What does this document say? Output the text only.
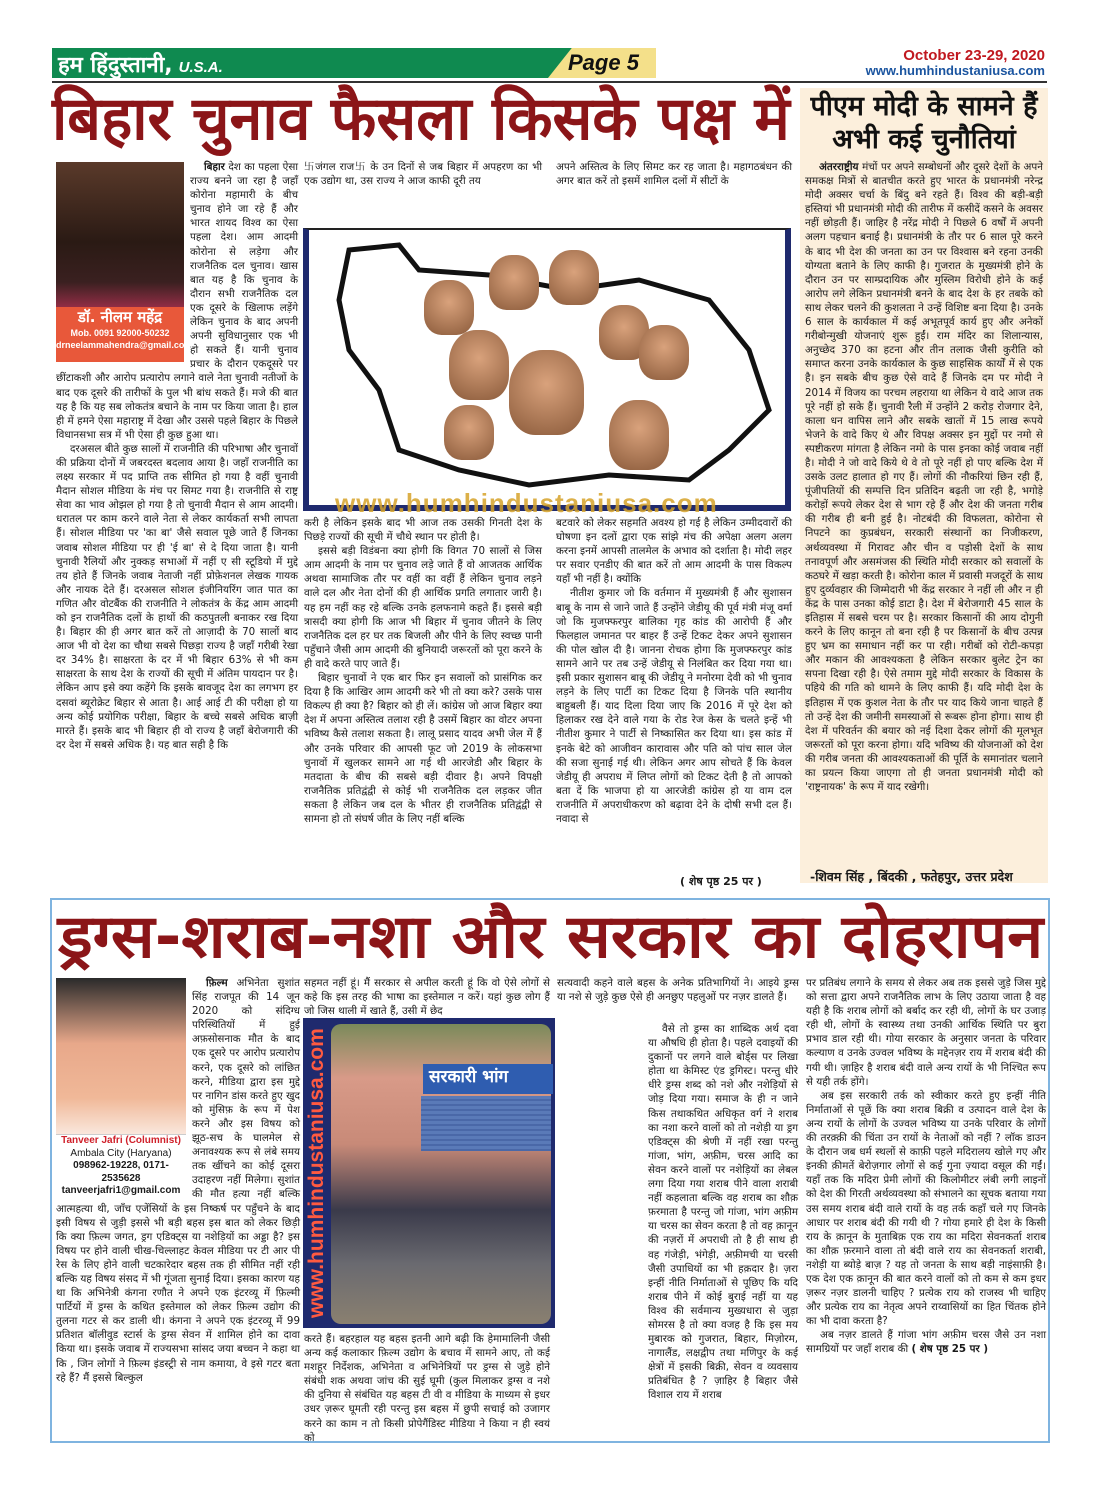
हम हिंदुस्तानी, U.S.A.	Page 5	October 23-29, 2020
www.humhindustaniusa.com
बिहार चुनाव फैसला किसके पक्ष में
डॉ. नीलम महेंद्र
Mob. 0091 92000-50232
drneelammahendra@gmail.com

बिहार देश का पहला ऐसा राज्य बनने जा रहा है जहाँ कोरोना महामारी के बीच चुनाव होने जा रहे हैं और भारत शायद विश्व का ऐसा पहला देश। आम आदमी कोरोना से लड़ेगा और राजनैतिक दल चुनाव। खास बात यह है कि चुनाव के दौरान सभी राजनैतिक दल एक दूसरे के खिलाफ लड़ेंगे लेकिन चुनाव के बाद अपनी अपनी सुविधानुसार एक भी हो सकते हैं। यानी चुनाव प्रचार के दौरान एकदूसरे पर छींटाकशी और आरोप प्रत्यारोप लगाने वाले नेता चुनावी नतीजों के बाद एक दूसरे की तारीफों के पुल भी बांध सकते हैं। मजे की बात यह है कि यह सब लोकतंत्र बचाने के नाम पर किया जाता है। हाल ही में हमने ऐसा महाराष्ट्र में देखा और उससे पहले बिहार के पिछले विधानसभा सत्र में भी ऐसा ही कुछ हुआ था।

दरअसल बीते कुछ सालों में राजनीति की परिभाषा और चुनावों की प्रक्रिया दोनों में जबरदस्त बदलाव आया है। जहाँ राजनीति का लक्ष्य सरकार में पद प्राप्ति तक सीमित हो गया है वहीं चुनावी मैदान सोशल मीडिया के मंच पर सिमट गया है। राजनीति से राष्ट्र सेवा का भाव ओझल हो गया है तो चुनावी मैदान से आम आदमी। धरातल पर काम करने वाले नेता से लेकर कार्यकर्ता सभी लापता हैं। सोशल मीडिया पर 'का बा' जैसे सवाल पूछे जाते हैं जिनका जवाब सोशल मीडिया पर ही 'ई बा' से दे दिया जाता है। यानी चुनावी रैलियों और नुक्कड़ सभाओं में नहीं ए सी स्टूडियो में मुद्दे तय होते हैं जिनके जवाब नेताजी नहीं प्रोफ़ेशनल लेखक गायक और नायक देते हैं। दरअसल सोशल इंजीनियरिंग जात पात का गणित और वोटबैंक की राजनीति ने लोकतंत्र के केंद्र आम आदमी को इन राजनैतिक दलों के हाथों की कठपुतली बनाकर रख दिया है। बिहार की ही अगर बात करें तो आज़ादी के 70 सालों बाद आज भी वो देश का चौथा सबसे पिछड़ा राज्य है जहाँ गरीबी रेखा दर 34% है। साक्षरता के दर में भी बिहार 63% से भी कम साक्षरता के साथ देश के राज्यों की सूची में अंतिम पायदान पर है। लेकिन आप इसे क्या कहेंगे कि इसके बावजूद देश का लगभग हर दसवां ब्यूरोक्रेट बिहार से आता है। आई आई टी की परीक्षा हो या अन्य कोई प्रयोगिक परीक्षा, बिहार के बच्चे सबसे अधिक बाज़ी मारते हैं। इसके बाद भी बिहार ही वो राज्य है जहाँ बेरोजगारी की दर देश में सबसे अधिक है। यह बात सही है कि

卐जंगल राज卐 के उन दिनों से जब बिहार में अपहरण का भी एक उद्योग था, उस राज्य ने आज काफी दूरी तय
अपने अस्तित्व के लिए सिमट कर रह जाता है। महागठबंधन की अगर बात करें तो इसमें शामिल दलों में सीटों के
www.humhindustaniusa.com

करी है लेकिन इसके बाद भी आज तक उसकी गिनती देश के पिछड़े राज्यों की सूची में चौथे स्थान पर होती है।

इससे बड़ी विडंबना क्या होगी कि विगत 70 सालों से जिस आम आदमी के नाम पर चुनाव लड़े जाते हैं वो आजतक आर्थिक अथवा सामाजिक तौर पर वहीं का वहीं हैं लेकिन चुनाव लड़ने वाले दल और नेता दोनों की ही आर्थिक प्रगति लगातार जारी है। यह हम नहीं कह रहे बल्कि उनके हलफनामे कहते हैं। इससे बड़ी त्रासदी क्या होगी कि आज भी बिहार में चुनाव जीतने के लिए राजनैतिक दल हर घर तक बिजली और पीने के लिए स्वच्छ पानी पहुँचाने जैसी आम आदमी की बुनियादी जरूरतों को पूरा करने के ही वादे करते पाए जाते हैं।

बिहार चुनावों ने एक बार फिर इन सवालों को प्रासंगिक कर दिया है कि आखिर आम आदमी करे भी तो क्या करे? उसके पास विकल्प ही क्या है? बिहार को ही लें। कांग्रेस जो आज बिहार क्या देश में अपना अस्तित्व तलाश रही है उसमें बिहार का वोटर अपना भविष्य कैसे तलाश सकता है। लालू प्रसाद यादव अभी जेल में हैं और उनके परिवार की आपसी फूट जो 2019 के लोकसभा चुनावों में खुलकर सामने आ गई थी आरजेडी और बिहार के मतदाता के बीच की सबसे बड़ी दीवार है। अपने विपक्षी राजनैतिक प्रतिद्वंद्वी से कोई भी राजनैतिक दल लड़कर जीत सकता है लेकिन जब दल के भीतर ही राजनैतिक प्रतिद्वंद्वी से सामना हो तो संघर्ष जीत के लिए नहीं बल्कि

बटवारे को लेकर सहमति अवश्य हो गई है लेकिन उम्मीदवारों की घोषणा इन दलों द्वारा एक सांझे मंच की अपेक्षा अलग अलग करना इनमें आपसी तालमेल के अभाव को दर्शाता है। मोदी लहर पर सवार एनडीए की बात करें तो आम आदमी के पास विकल्प यहाँ भी नहीं है। क्योंकि

नीतीश कुमार जो कि वर्तमान में मुख्यमंत्री हैं और सुशासन बाबू के नाम से जाने जाते हैं उन्होंने जेडीयू की पूर्व मंत्री मंजू वर्मा जो कि मुजफ्फरपुर बालिका गृह कांड की आरोपी हैं और फिलहाल जमानत पर बाहर हैं उन्हें टिकट देकर अपने सुशासन की पोल खोल दी है। जानना रोचक होगा कि मुजफ्फरपुर कांड सामने आने पर तब उन्हें जेडीयू से निलंबित कर दिया गया था। इसी प्रकार सुशासन बाबू की जेडीयू ने मनोरमा देवी को भी चुनाव लड़ने के लिए पार्टी का टिकट दिया है जिनके पति स्थानीय बाहुबली हैं। याद दिला दिया जाए कि 2016 में पूरे देश को हिलाकर रख देने वाले गया के रोड रेज केस के चलते इन्हें भी नीतीश कुमार ने पार्टी से निष्कासित कर दिया था। इस कांड में इनके बेटे को आजीवन कारावास और पति को पांच साल जेल की सजा सुनाई गई थी। लेकिन अगर आप सोचते हैं कि केवल जेडीयू ही अपराध में लिप्त लोगों को टिकट देती है तो आपको बता दें कि भाजपा हो या आरजेडी कांग्रेस हो या वाम दल राजनीति में अपराधीकरण को बढ़ावा देने के दोषी सभी दल हैं। नवादा से

( शेष पृष्ठ 25 पर )
पीएम मोदी के सामने हैं अभी कई चुनौतियां

अंतरराष्ट्रीय मंचों पर अपने सम्बोधनों और दूसरे देशों के अपने समकक्ष मित्रों से बातचीत करते हुए भारत के प्रधानमंत्री नरेन्द्र मोदी अक्सर चर्चा के बिंदु बने रहते हैं। विश्व की बड़ी-बड़ी हस्तियां भी प्रधानमंत्री मोदी की तारीफ में कसीदें कसने के अवसर नहीं छोड़ती हैं। जाहिर है नरेंद्र मोदी ने पिछले 6 वर्षों में अपनी अलग पहचान बनाई है। प्रधानमंत्री के तौर पर 6 साल पूरे करने के बाद भी देश की जनता का उन पर विश्वास बने रहना उनकी योग्यता बताने के लिए काफी है। गुजरात के मुख्यमंत्री होने के दौरान उन पर साम्प्रदायिक और मुस्लिम विरोधी होने के कई आरोप लगे लेकिन प्रधानमंत्री बनने के बाद देश के हर तबके को साथ लेकर चलने की कुशलता ने उन्हें विशिष्ट बना दिया है। उनके 6 साल के कार्यकाल में कई अभूतपूर्व कार्य हुए और अनेकों गरीबोन्मुखी योजनाएं शुरू हुईं। राम मंदिर का शिलान्यास, अनुच्छेद 370 का हटना और तीन तलाक जैसी कुरीति को समाप्त करना उनके कार्यकाल के कुछ साहसिक कार्यों में से एक है। इन सबके बीच कुछ ऐसे वादे हैं जिनके दम पर मोदी ने 2014 में विजय का परचम लहराया था लेकिन ये वादे आज तक पूरे नहीं हो सके हैं। चुनावी रैली में उन्होंने 2 करोड़ रोजगार देने, काला धन वापिस लाने और सबके खातों में 15 लाख रूपये भेजने के वादे किए थे और विपक्ष अक्सर इन मुद्दों पर नमो से स्पष्टीकरण मांगता है लेकिन नमो के पास इनका कोई जवाब नहीं है। मोदी ने जो वादे किये थे वे तो पूरे नहीं हो पाए बल्कि देश में उसके उलट हालात हो गए हैं। लोगों की नौकरियां छिन रही हैं, पूंजीपतियों की सम्पत्ति दिन प्रतिदिन बढ़ती जा रही है, भगोड़े करोड़ों रूपये लेकर देश से भाग रहे हैं और देश की जनता गरीब की गरीब ही बनी हुई है। नोटबंदी की विफलता, कोरोना से निपटने का कुप्रबंधन, सरकारी संस्थानों का निजीकरण, अर्थव्यवस्था में गिरावट और चीन व पड़ोसी देशों के साथ तनावपूर्ण और असमंजस की स्थिति मोदी सरकार को सवालों के कठघरे में खड़ा करती है। कोरोना काल में प्रवासी मजदूरों के साथ हुए दुर्व्यवहार की जिम्मेदारी भी केंद्र सरकार ने नहीं ली और न ही केंद्र के पास उनका कोई डाटा है। देश में बेरोजगारी 45 साल के इतिहास में सबसे चरम पर है। सरकार किसानों की आय दोगुनी करने के लिए कानून तो बना रही है पर किसानों के बीच उत्पन्न हुए भ्रम का समाधान नहीं कर पा रही। गरीबों को रोटी-कपड़ा और मकान की आवश्यकता है लेकिन सरकार बुलेट ट्रेन का सपना दिखा रही है। ऐसे तमाम मुद्दे मोदी सरकार के विकास के पहिये की गति को थामने के लिए काफी हैं। यदि मोदी देश के इतिहास में एक कुशल नेता के तौर पर याद किये जाना चाहते हैं तो उन्हें देश की जमीनी समस्याओं से रूबरू होना होगा। साथ ही देश में परिवर्तन की बयार को नई दिशा देकर लोगों की मूलभूत जरूरतों को पूरा करना होगा। यदि भविष्य की योजनाओं को देश की गरीब जनता की आवश्यकताओं की पूर्ति के समानांतर चलाने का प्रयत्न किया जाएगा तो ही जनता प्रधानमंत्री मोदी को 'राष्ट्रनायक' के रूप में याद रखेगी।

-शिवम सिंह , बिंदकी , फतेहपुर, उत्तर प्रदेश
ड्रग्स-शराब-नशा और सरकार का दोहरापन
Tanveer Jafri (Columnist)
Ambala City (Haryana)
098962-19228, 0171-2535628
tanveerjafri1@gmail.com

फ़िल्म अभिनेता सुशांत सिंह राजपूत की 14 जून 2020 को संदिग्ध परिस्थितियों में हुई अफ़सोसनाक मौत के बाद एक दूसरे पर आरोप प्रत्यारोप करने, एक दूसरे को लांछित करने, मीडिया द्वारा इस मुद्दे पर नागिन डांस करते हुए खुद को मुंसिफ़ के रूप में पेश करने और इस विषय को झूठ-सच के घालमेल से अनावश्यक रूप से लंबे समय तक खींचने का कोई दूसरा उदाहरण नहीं मिलेगा। सुशांत की मौत हत्या नहीं बल्कि आत्महत्या थी, जाँच एजेंसियों के इस निष्कर्ष पर पहुँचने के बाद इसी विषय से जुड़ी इससे भी बड़ी बहस इस बात को लेकर छिड़ी कि क्या फ़िल्म जगत, ड्रग एडिक्ट्स या नशेड़ियों का अड्डा है? इस विषय पर होने वाली चीख-चिल्लाहट केवल मीडिया पर टी आर पी रेस के लिए होने वाली चटकारेदार बहस तक ही सीमित नहीं रही बल्कि यह विषय संसद में भी गूंजता सुनाई दिया। इसका कारण यह था कि अभिनेत्री कंगना रणौत ने अपने एक इंटरव्यू में फ़िल्मी पार्टियों में ड्रग्स के कथित इस्तेमाल को लेकर फ़िल्म उद्योग की तुलना गटर से कर डाली थी। कंगना ने अपने एक इंटरव्यू में 99 प्रतिशत बॉलीवुड स्टार्स के ड्रग्स सेवन में शामिल होने का दावा किया था। इसके जवाब में राज्यसभा सांसद जया बच्चन ने कहा था कि , जिन लोगों ने फ़िल्म इंडस्ट्री से नाम कमाया, वे इसे गटर बता रहे हैं? मैं इससे बिल्कुल

सहमत नहीं हूं। मैं सरकार से अपील करती हूं कि वो ऐसे लोगों से कहे कि इस तरह की भाषा का इस्तेमाल न करें। यहां कुछ लोग हैं जो जिस थाली में खाते हैं, उसी में छेद
सत्यवादी कहने वाले बहस के अनेक प्रतिभागियों ने। आइये ड्रग्स या नशे से जुड़े कुछ ऐसे ही अनछुए पहलुओं पर नज़र डालते हैं।
सरकारी भांग
www.humhindustaniusa.com

करते हैं। बहरहाल यह बहस इतनी आगे बढ़ी कि हेमामालिनी जैसी अन्य कई कलाकार फ़िल्म उद्योग के बचाव में सामने आए, तो कई मशहूर निर्देशक, अभिनेता व अभिनेत्रियों पर ड्रग्स से जुड़े होने संबंधी शक अथवा जांच की सुई घूमी (कुल मिलाकर ड्रग्स व नशे की दुनिया से संबंधित यह बहस टी वी व मीडिया के माध्यम से इधर उधर ज़रूर घूमती रही परन्तु इस बहस में छुपी सचाई को उजागर करने का काम न तो किसी प्रोपेगैंडिस्ट मीडिया ने किया न ही स्वयं को

वैसे तो ड्रग्स का शाब्दिक अर्थ दवा या औषधि ही होता है। पहले दवाइयों की दुकानों पर लगने वाले बोर्ड्स पर लिखा होता था केमिस्ट एंड ड्रगिस्ट। परन्तु धीरे धीरे ड्रग्स शब्द को नशे और नशेड़ियों से जोड़ दिया गया। समाज के ही न जाने किस तथाकथित अधिकृत वर्ग ने शराब का नशा करने वालों को तो नशेड़ी या ड्रग एडिक्ट्स की श्रेणी में नहीं रखा परन्तु गांजा, भांग, अफ़ीम, चरस आदि का सेवन करने वालों पर नशेड़ियों का लेबल लगा दिया गया शराब पीने वाला शराबी नहीं कहलाता बल्कि वह शराब का शौक़ फ़रमाता है परन्तु जो गांजा, भांग अफ़ीम या चरस का सेवन करता है तो वह क़ानून की नज़रों में अपराधी तो है ही साथ ही वह गंजेड़ी, भंगेड़ी, अफ़ीमची या चरसी जैसी उपाधियों का भी हक़दार है। ज़रा इन्हीं नीति निर्माताओं से पूछिए कि यदि शराब पीने में कोई बुराई नहीं या यह विश्व की सर्वमान्य मुख्यधारा से जुड़ा सोमरस है तो क्या वजह है कि इस मय मुबारक को गुजरात, बिहार, मिज़ोरम, नागालैंड, लक्षद्वीप तथा मणिपुर के कई क्षेत्रों में इसकी बिक्री, सेवन व व्यवसाय प्रतिबंधित है ? ज़ाहिर है बिहार जैसे विशाल राय में शराब

पर प्रतिबंध लगाने के समय से लेकर अब तक इससे जुड़े जिस मुद्दे को सत्ता द्वारा अपने राजनैतिक लाभ के लिए उठाया जाता है वह यही है कि शराब लोगों को बर्बाद कर रही थी, लोगों के घर उजाड़ रही थी, लोगों के स्वास्थ्य तथा उनकी आर्थिक स्थिति पर बुरा प्रभाव डाल रही थी। गोया सरकार के अनुसार जनता के परिवार कल्याण व उनके उज्वल भविष्य के मद्देनज़र राय में शराब बंदी की गयी थी। ज़ाहिर है शराब बंदी वाले अन्य रायों के भी निश्चित रूप से यही तर्क होंगे।

अब इस सरकारी तर्क को स्वीकार करते हुए इन्हीं नीति निर्माताओं से पूछें कि क्या शराब बिक्री व उत्पादन वाले देश के अन्य रायों के लोगों के उज्वल भविष्य या उनके परिवार के लोगों की तरक़्क़ी की चिंता उन रायों के नेताओं को नहीं ? लॉक डाउन के दौरान जब धर्म स्थलों से काफ़ी पहले मदिरालय खोले गए और इनकी क़ीमतें बेरोज़गार लोगों से कई गुना ज़्यादा वसूल की गईं। यहाँ तक कि मदिरा प्रेमी लोगों की किलोमीटर लंबी लगी लाइनों को देश की गिरती अर्थव्यवस्था को संभालने का सूचक बताया गया उस समय शराब बंदी वाले रायों के वह तर्क कहाँ चले गए जिनके आधार पर शराब बंदी की गयी थी ? गोया हमारे ही देश के किसी राय के क़ानून के मुताबिक़ एक राय का मदिरा सेवनकर्ता शराब का शौक़ फ़रमाने वाला तो बंदी वाले राय का सेवनकर्ता शराबी, नशेड़ी या ब्योड़े बाज़ ? यह तो जनता के साथ बड़ी नाइंसाफ़ी है। एक देश एक क़ानून की बात करने वालों को तो कम से कम इधर ज़रूर नज़र डालनी चाहिए ? प्रत्येक राय को राजस्व भी चाहिए और प्रत्येक राय का नेतृत्व अपने राय्वासियों का हित चिंतक होने का भी दावा करता है?

अब नज़र डालते हैं गांजा भांग अफ़ीम चरस जैसे उन नशा सामग्रियों पर जहाँ शराब की ( शेष पृष्ठ 25 पर )
